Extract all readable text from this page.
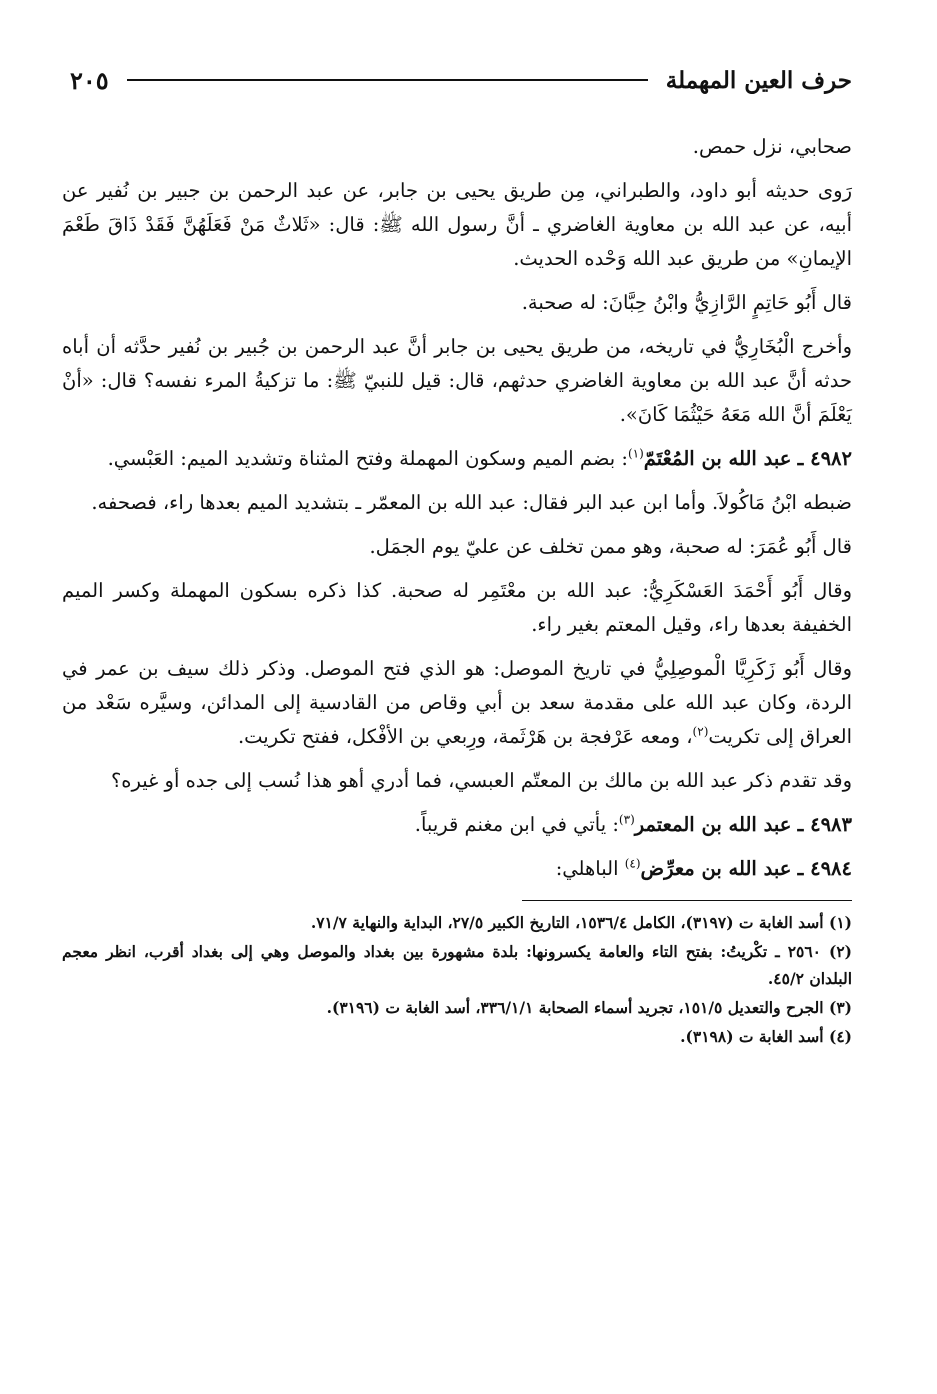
حرف العين المهملة
٢٠٥

صحابي، نزل حمص.

رَوى حديثه أبو داود، والطبراني، مِن طريق يحيى بن جابر، عن عبد الرحمن بن جبير بن نُفير عن أبيه، عن عبد الله بن معاوية الغاضري ـ أنَّ رسول الله ﷺ: قال: «ثَلاثٌ مَنْ فَعَلَهُنَّ فَقَدْ ذَاقَ طَعْمَ الإيمانِ» من طريق عبد الله وَحْده الحديث.

قال أَبُو حَاتِمٍ الرَّازِيُّ وابْنُ حِبَّانَ: له صحبة.

وأخرج الْبُخَارِيُّ في تاريخه، من طريق يحيى بن جابر أنَّ عبد الرحمن بن جُبير بن نُفير حدَّثه أن أباه حدثه أنَّ عبد الله بن معاوية الغاضري حدثهم، قال: قيل للنبيّ ﷺ: ما تزكيةُ المرء نفسه؟ قال: «أنْ يَعْلَمَ أنَّ الله مَعَهُ حَيْثُمَا كَانَ».

٤٩٨٢ ـ عبد الله بن المُعْتَمّ$^{(١)}$: بضم الميم وسكون المهملة وفتح المثناة وتشديد الميم: العَبْسي.

ضبطه ابْنُ مَاكُولاَ. وأما ابن عبد البر فقال: عبد الله بن المعمّر ـ بتشديد الميم بعدها راء، فصحفه.

قال أَبُو عُمَرَ: له صحبة، وهو ممن تخلف عن عليّ يوم الجمَل.

وقال أَبُو أَحْمَدَ العَسْكَرِيُّ: عبد الله بن معْتَمِر له صحبة. كذا ذكره بسكون المهملة وكسر الميم الخفيفة بعدها راء، وقيل المعتم بغير راء.

وقال أَبُو زَكَرِيَّا الْموصِلِيُّ في تاريخ الموصل: هو الذي فتح الموصل. وذكر ذلك سيف بن عمر في الردة، وكان عبد الله على مقدمة سعد بن أبي وقاص من القادسية إلى المدائن، وسيَّره سَعْد من العراق إلى تكريت$^{(٢)}$، ومعه عَرْفجة بن هَرْثَمة، ورِبعي بن الأفْكل، ففتح تكريت.

وقد تقدم ذكر عبد الله بن مالك بن المعتّم العبسي، فما أدري أهو هذا نُسب إلى جده أو غيره؟

٤٩٨٣ ـ عبد الله بن المعتمر$^{(٣)}$: يأتي في ابن مغنم قريباً.

٤٩٨٤ ـ عبد الله بن معرِّض$^{(٤)}$ الباهلي:

(١) أسد الغابة ت (٣١٩٧)، الكامل ١٥٣٦/٤، التاريخ الكبير ٢٧/٥، البداية والنهاية ٧١/٧.

(٢) ٢٥٦٠ ـ تكْريتُ: بفتح التاء والعامة يكسرونها: بلدة مشهورة بين بغداد والموصل وهي إلى بغداد أقرب، انظر معجم البلدان ٤٥/٢.

(٣) الجرح والتعديل ١٥١/٥، تجريد أسماء الصحابة ٣٣٦/١/١، أسد الغابة ت (٣١٩٦).

(٤) أسد الغابة ت (٣١٩٨).
